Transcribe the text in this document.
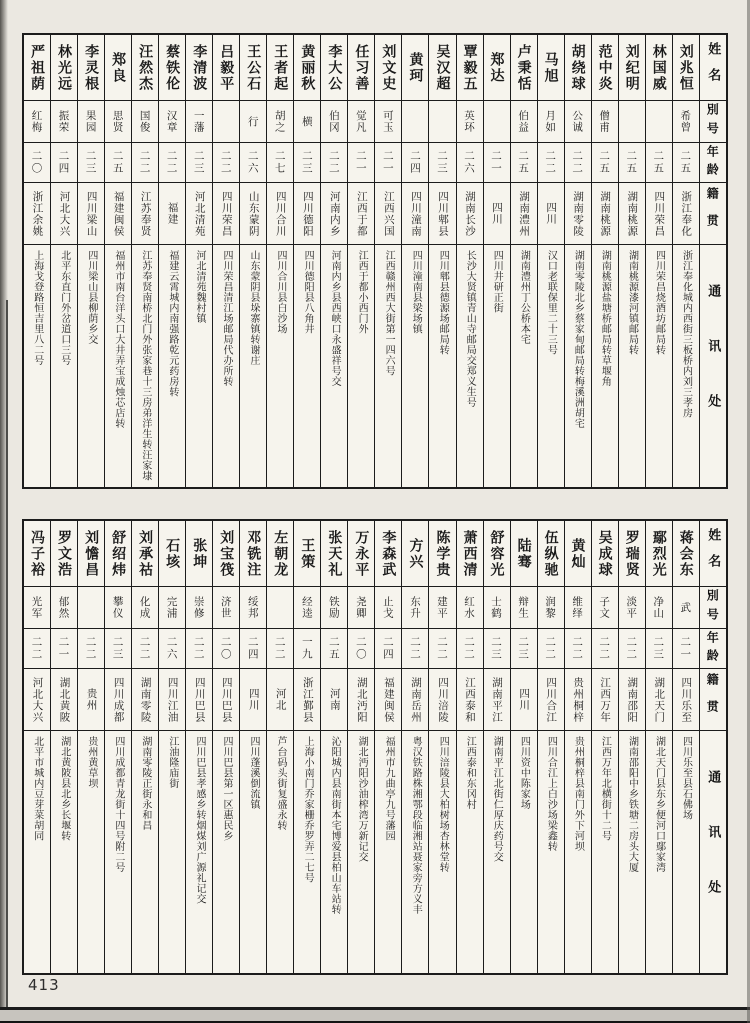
严祖荫
红梅
二〇
浙江余姚
上海戈登路恒吉里八二号
林光远
振荣
二四
河北大兴
北平东直门外岔道口三号
李灵根
果园
二三
四川梁山
四川梁山县柳荫乡交
郑良
思贤
二五
福建闽侯
福州市南台洋头口大井弄宝成烛芯店转
汪然杰
国俊
二二
江苏奉贤
江苏奉贤南桥北门外张家巷十三房弟洋生转汪家埭
蔡铁伦
汉章
二二
福建
福建云霄城内南强路乾元药房转
李清波
一藩
二三
河北清苑
河北清苑魏村镇
吕毅平
二二
四川荣昌
四川荣昌清江场邮局代办所转
王公石
行
二六
山东蒙阴
山东蒙阴县垛寨镇转谢庄
王者起
胡之
二七
四川合川
四川合川县白沙场
黄丽秋
横
二三
四川德阳
四川德阳县八角井
李大公
伯冈
二二
河南内乡
河南内乡县西峡口永盛祥号交
任习善
觉凡
二一
江西于都
江西于都小西门外
刘文史
可玉
二一
江西兴国
江西赣州西大街第一四六号
黄珂
二四
四川潼南
四川潼南县梁场镇
吴汉超
二三
四川郫县
四川郫县德源场邮局转
覃毅五
英环
二六
湖南长沙
长沙大贤镇青山寺邮局交郑义生号
郑达
二一
四川
四川井研正街
卢秉恬
伯益
二五
湖南澧州
湖南澧州丁公桥本宅
马旭
月如
二二
四川
汉口老联保里二十三号
胡绕球
公诚
二二
湖南零陵
湖南零陵北乡蔡家甸邮局转梅溪洲胡宅
范中炎
僧甫
二五
湖南桃源
湖南桃源盐塘桥邮局转草堰角
刘纪明
二五
湖南桃源
湖南桃源漆河镇邮局转
林国威
二五
四川荣昌
四川荣昌烧酒坊邮局转
刘兆恒
希曾
二五
浙江奉化
浙江奉化城内西街三板桥内刘三孝房
姓名
別号
年龄
籍贯
通讯处
冯子裕
光军
二二
河北大兴
北平市城内豆芽菜胡同
罗文浩
郁然
二一
湖北黄陂
湖北黄陂县北乡长堰转
刘憺昌
二二
贵州
贵州黄草坝
舒绍炜
攀仪
二三
四川成都
四川成都青龙街十四号附二号
刘承祜
化成
二二
湖南零陵
湖南零陵正街永和昌
石垓
完浦
二六
四川江油
江油隆庙街
张坤
崇修
二二
四川巴县
四川巴县孝感乡转烟煤刘广源礼记交
刘宝筏
济世
二〇
四川巴县
四川巴县第一区惠民乡
邓铣注
绥邦
二四
四川
四川蓬溪倒流镇
左朝龙
二二
河北
芦台码头街复盛永转
王策
经逵
一九
浙江鄞县
上海小南门乔家栅乔罗弄二七号
张天礼
铁励
二五
河南
沁阳城内县南街本宅博爱县柏山车站转
万永平
尧卿
二〇
湖北沔阳
湖北沔阳沙油榨湾万新记交
李森武
止戈
二四
福建闽侯
福州市九曲亭九号藩园
方兴
东升
二二
湖南岳州
粤汉铁路株湘鄂段临湘站聂家旁方义丰
陈学贵
建平
二二
四川涪陵
四川涪陵县大柏树场杏林堂转
萧西清
红水
二二
江西泰和
江西泰和东冈村
舒容光
士鹤
二三
湖南平江
湖南平江北街仁厚庆药号交
陆骞
辩生
二三
四川
四川资中陈家场
伍纵驰
润黎
二二
四川合江
四川合江上白沙场梁鑫转
黄灿
维绎
二二
贵州桐梓
贵州桐梓县南门外下河坝
吴成球
子文
二二
江西万年
江西万年北横街十二号
罗瑞贤
淡平
二二
湖南邵阳
湖南邵阳中乡铁塘二房头大厦
鄢烈光
净山
二三
湖北天门
湖北天门县东乡便河口鄢家湾
蒋会东
武
二一
四川乐至
四川乐至县石佛场
姓名
別号
年龄
籍贯
通讯处
413
